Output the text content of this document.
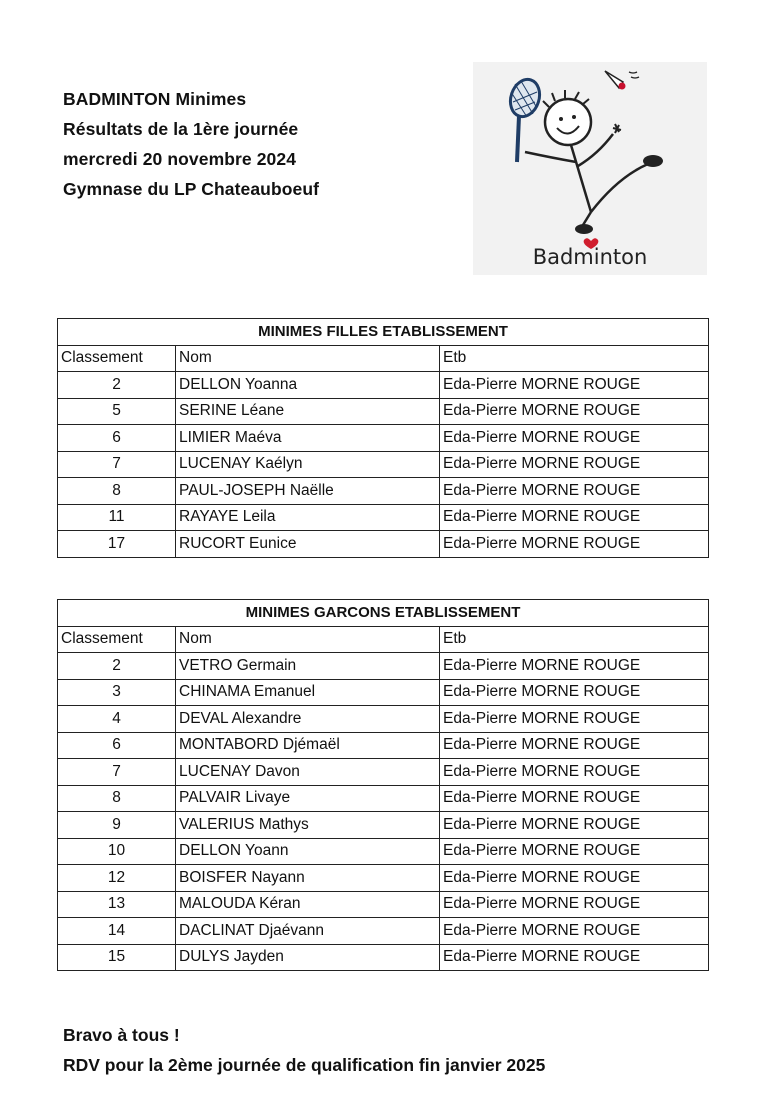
BADMINTON Minimes
Résultats de la 1ère journée
mercredi 20 novembre 2024
Gymnase du LP Chateauboeuf
Badminton
MINIMES FILLES ETABLISSEMENT		
Classement	Nom	Etb
2	DELLON Yoanna	Eda-Pierre MORNE ROUGE
5	SERINE Léane	Eda-Pierre MORNE ROUGE
6	LIMIER Maéva	Eda-Pierre MORNE ROUGE
7	LUCENAY Kaélyn	Eda-Pierre MORNE ROUGE
8	PAUL-JOSEPH Naëlle	Eda-Pierre MORNE ROUGE
11	RAYAYE Leila	Eda-Pierre MORNE ROUGE
17	RUCORT Eunice	Eda-Pierre MORNE ROUGE
MINIMES GARCONS ETABLISSEMENT		
Classement	Nom	Etb
2	VETRO Germain	Eda-Pierre MORNE ROUGE
3	CHINAMA Emanuel	Eda-Pierre MORNE ROUGE
4	DEVAL Alexandre	Eda-Pierre MORNE ROUGE
6	MONTABORD Djémaël	Eda-Pierre MORNE ROUGE
7	LUCENAY Davon	Eda-Pierre MORNE ROUGE
8	PALVAIR Livaye	Eda-Pierre MORNE ROUGE
9	VALERIUS Mathys	Eda-Pierre MORNE ROUGE
10	DELLON Yoann	Eda-Pierre MORNE ROUGE
12	BOISFER Nayann	Eda-Pierre MORNE ROUGE
13	MALOUDA Kéran	Eda-Pierre MORNE ROUGE
14	DACLINAT Djaévann	Eda-Pierre MORNE ROUGE
15	DULYS Jayden	Eda-Pierre MORNE ROUGE
Bravo à tous !
RDV pour la 2ème journée de qualification fin janvier 2025
